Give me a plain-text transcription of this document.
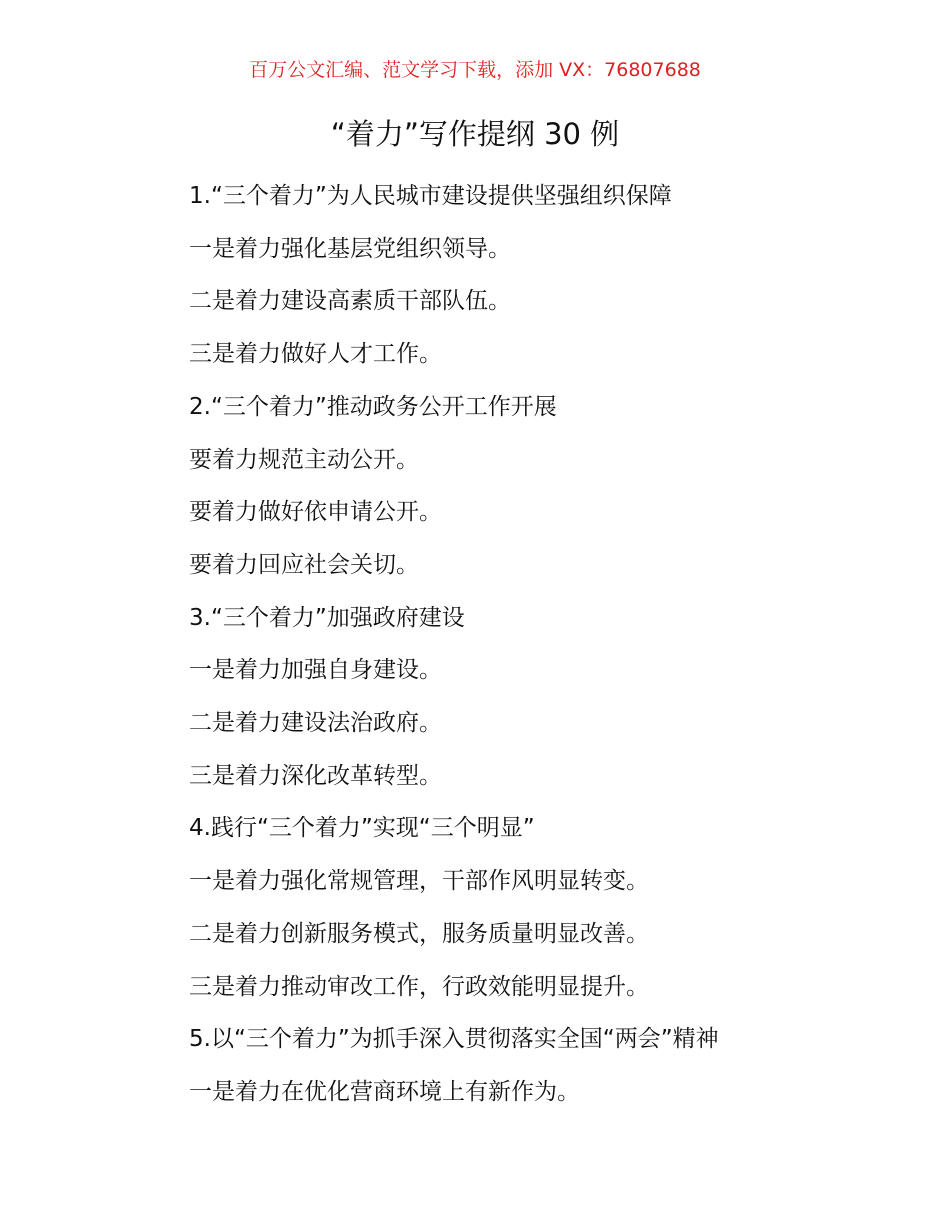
百万公文汇编、范文学习下载，添加 VX：76807688
“着力”写作提纲 30 例
1.“三个着力”为人民城市建设提供坚强组织保障
一是着力强化基层党组织领导。
二是着力建设高素质干部队伍。
三是着力做好人才工作。
2.“三个着力”推动政务公开工作开展
要着力规范主动公开。
要着力做好依申请公开。
要着力回应社会关切。
3.“三个着力”加强政府建设
一是着力加强自身建设。
二是着力建设法治政府。
三是着力深化改革转型。
4.践行“三个着力”实现“三个明显”
一是着力强化常规管理，干部作风明显转变。
二是着力创新服务模式，服务质量明显改善。
三是着力推动审改工作，行政效能明显提升。
5.以“三个着力”为抓手深入贯彻落实全国“两会”精神
一是着力在优化营商环境上有新作为。
